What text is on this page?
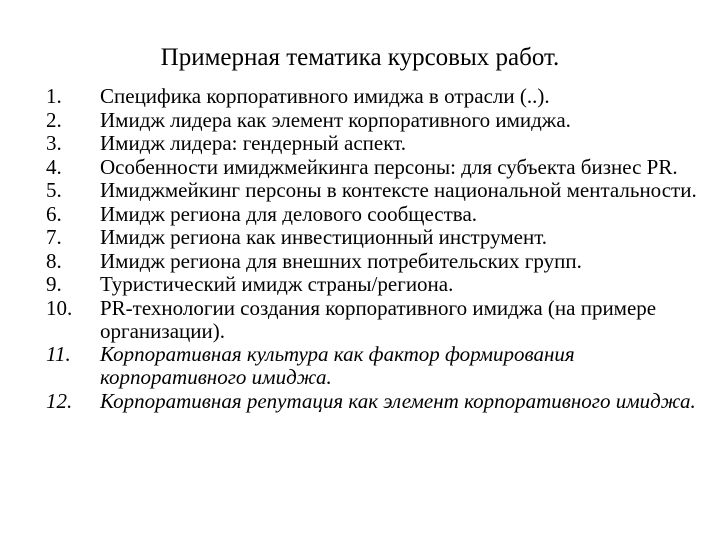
Примерная тематика курсовых работ.
1.	Специфика корпоративного имиджа в отрасли (..).
2.	Имидж лидера как элемент корпоративного имиджа.
3.	Имидж лидера: гендерный аспект.
4.	Особенности имиджмейкинга персоны: для субъекта бизнес PR.
5.	Имиджмейкинг персоны в контексте национальной ментальности.
6.	Имидж региона для делового сообщества.
7.	Имидж региона как инвестиционный инструмент.
8.	Имидж региона для внешних потребительских групп.
9.	Туристический имидж страны/региона.
10.	PR-технологии создания корпоративного имиджа (на примере организации).
11.	Корпоративная культура как фактор формирования корпоративного имиджа.
12.	Корпоративная репутация как элемент корпоративного имиджа.
